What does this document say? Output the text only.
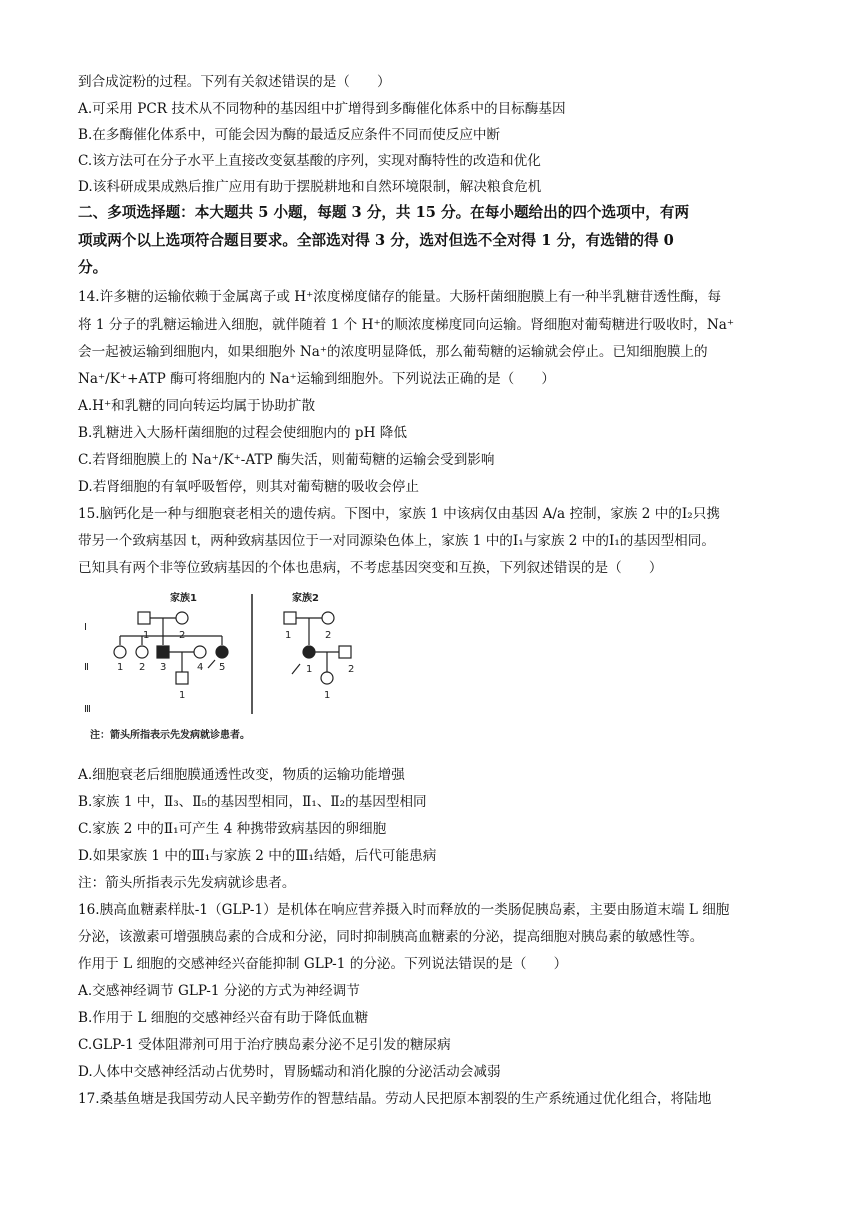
到合成淀粉的过程。下列有关叙述错误的是（　　）
A.可采用 PCR 技术从不同物种的基因组中扩增得到多酶催化体系中的目标酶基因
B.在多酶催化体系中，可能会因为酶的最适反应条件不同而使反应中断
C.该方法可在分子水平上直接改变氨基酸的序列，实现对酶特性的改造和优化
D.该科研成果成熟后推广应用有助于摆脱耕地和自然环境限制，解决粮食危机
二、多项选择题：本大题共 5 小题，每题 3 分，共 15 分。在每小题给出的四个选项中，有两
项或两个以上选项符合题目要求。全部选对得 3 分，选对但选不全对得 1 分，有选错的得 0
分。
14.许多糖的运输依赖于金属离子或 H⁺浓度梯度储存的能量。大肠杆菌细胞膜上有一种半乳糖苷透性酶，每
将 1 分子的乳糖运输进入细胞，就伴随着 1 个 H⁺的顺浓度梯度同向运输。肾细胞对葡萄糖进行吸收时，Na⁺
会一起被运输到细胞内，如果细胞外 Na⁺的浓度明显降低，那么葡萄糖的运输就会停止。已知细胞膜上的
Na⁺/K⁺+ATP 酶可将细胞内的 Na⁺运输到细胞外。下列说法正确的是（　　）
A.H⁺和乳糖的同向转运均属于协助扩散
B.乳糖进入大肠杆菌细胞的过程会使细胞内的 pH 降低
C.若肾细胞膜上的 Na⁺/K⁺-ATP 酶失活，则葡萄糖的运输会受到影响
D.若肾细胞的有氧呼吸暂停，则其对葡萄糖的吸收会停止
15.脑钙化是一种与细胞衰老相关的遗传病。下图中，家族 1 中该病仅由基因 A/a 控制，家族 2 中的Ⅰ₂只携
带另一个致病基因 t，两种致病基因位于一对同源染色体上，家族 1 中的Ⅰ₁与家族 2 中的Ⅰ₁的基因型相同。
已知具有两个非等位致病基因的个体也患病，不考虑基因突变和互换，下列叙述错误的是（　　）
Ⅰ
Ⅱ
Ⅲ
家族1
1	2
1 2 3	4 5
1
家族2
1	2
1	2
1
注：箭头所指表示先发病就诊患者。
A.细胞衰老后细胞膜通透性改变，物质的运输功能增强
B.家族 1 中，Ⅱ₃、Ⅱ₅的基因型相同，Ⅱ₁、Ⅱ₂的基因型相同
C.家族 2 中的Ⅱ₁可产生 4 种携带致病基因的卵细胞
D.如果家族 1 中的Ⅲ₁与家族 2 中的Ⅲ₁结婚，后代可能患病
注：箭头所指表示先发病就诊患者。
16.胰高血糖素样肽-1（GLP-1）是机体在响应营养摄入时而释放的一类肠促胰岛素，主要由肠道末端 L 细胞
分泌，该激素可增强胰岛素的合成和分泌，同时抑制胰高血糖素的分泌，提高细胞对胰岛素的敏感性等。
作用于 L 细胞的交感神经兴奋能抑制 GLP-1 的分泌。下列说法错误的是（　　）
A.交感神经调节 GLP-1 分泌的方式为神经调节
B.作用于 L 细胞的交感神经兴奋有助于降低血糖
C.GLP-1 受体阻滞剂可用于治疗胰岛素分泌不足引发的糖尿病
D.人体中交感神经活动占优势时，胃肠蠕动和消化腺的分泌活动会减弱
17.桑基鱼塘是我国劳动人民辛勤劳作的智慧结晶。劳动人民把原本割裂的生产系统通过优化组合，将陆地
